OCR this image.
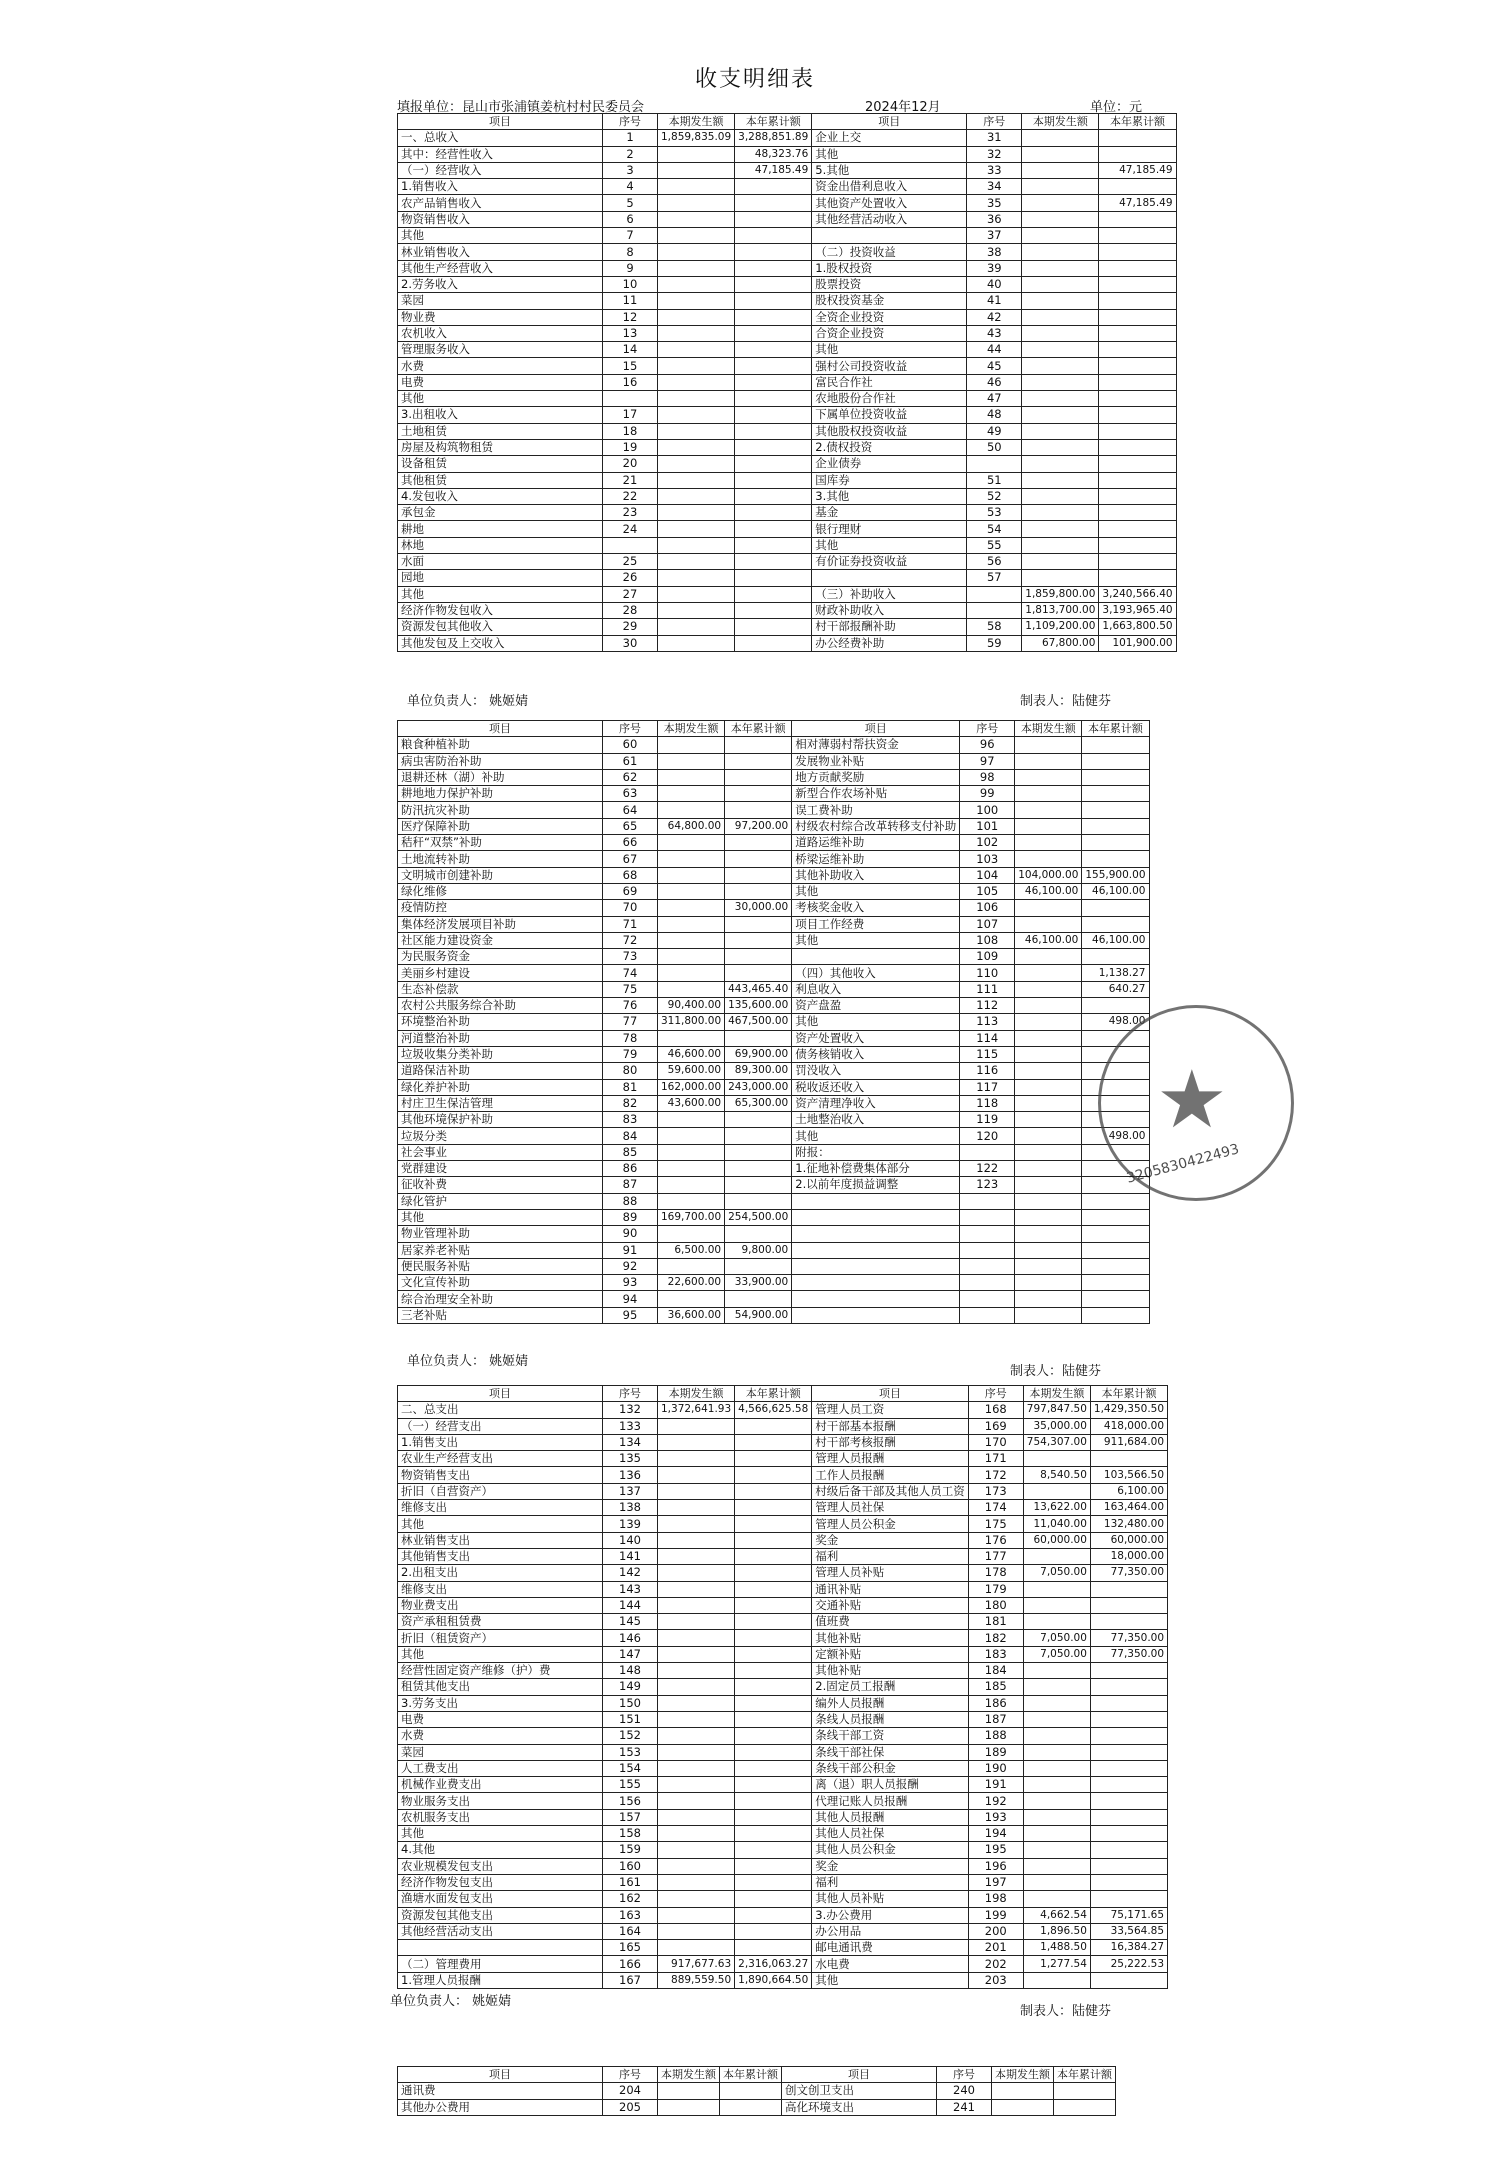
收支明细表
填报单位：昆山市张浦镇姜杭村村民委员会	2024年12月	单位：元
项目	序号	本期发生额	本年累计额	项目	序号	本期发生额	本年累计额
一、总收入	1	1,859,835.09	3,288,851.89	企业上交	31		
其中：经营性收入	2		48,323.76	其他	32		
（一）经营收入	3		47,185.49	5.其他	33		47,185.49
1.销售收入	4			资金出借利息收入	34		
农产品销售收入	5			其他资产处置收入	35		47,185.49
物资销售收入	6			其他经营活动收入	36		
其他	7				37		
林业销售收入	8			（二）投资收益	38		
其他生产经营收入	9			1.股权投资	39		
2.劳务收入	10			股票投资	40		
菜园	11			股权投资基金	41		
物业费	12			全资企业投资	42		
农机收入	13			合资企业投资	43		
管理服务收入	14			其他	44		
水费	15			强村公司投资收益	45		
电费	16			富民合作社	46		
其他				农地股份合作社	47		
3.出租收入	17			下属单位投资收益	48		
土地租赁	18			其他股权投资收益	49		
房屋及构筑物租赁	19			2.债权投资	50		
设备租赁	20			企业债券			
其他租赁	21			国库券	51		
4.发包收入	22			3.其他	52		
承包金	23			基金	53		
耕地	24			银行理财	54		
林地				其他	55		
水面	25			有价证券投资收益	56		
园地	26				57		
其他	27			（三）补助收入		1,859,800.00	3,240,566.40
经济作物发包收入	28			财政补助收入		1,813,700.00	3,193,965.40
资源发包其他收入	29			村干部报酬补助	58	1,109,200.00	1,663,800.50
其他发包及上交收入	30			办公经费补助	59	67,800.00	101,900.00
单位负责人： 姚姬婧	制表人：陆健芬
项目	序号	本期发生额	本年累计额	项目	序号	本期发生额	本年累计额
粮食种植补助	60			相对薄弱村帮扶资金	96		
病虫害防治补助	61			发展物业补贴	97		
退耕还林（湖）补助	62			地方贡献奖励	98		
耕地地力保护补助	63			新型合作农场补贴	99		
防汛抗灾补助	64			误工费补助	100		
医疗保障补助	65	64,800.00	97,200.00	村级农村综合改革转移支付补助	101		
秸秆“双禁”补助	66			道路运维补助	102		
土地流转补助	67			桥梁运维补助	103		
文明城市创建补助	68			其他补助收入	104	104,000.00	155,900.00
绿化维修	69			其他	105	46,100.00	46,100.00
疫情防控	70		30,000.00	考核奖金收入	106		
集体经济发展项目补助	71			项目工作经费	107		
社区能力建设资金	72			其他	108	46,100.00	46,100.00
为民服务资金	73				109		
美丽乡村建设	74			（四）其他收入	110		1,138.27
生态补偿款	75		443,465.40	利息收入	111		640.27
农村公共服务综合补助	76	90,400.00	135,600.00	资产盘盈	112		
环境整治补助	77	311,800.00	467,500.00	其他	113		498.00
河道整治补助	78			资产处置收入	114		
垃圾收集分类补助	79	46,600.00	69,900.00	债务核销收入	115		
道路保洁补助	80	59,600.00	89,300.00	罚没收入	116		
绿化养护补助	81	162,000.00	243,000.00	税收返还收入	117		
村庄卫生保洁管理	82	43,600.00	65,300.00	资产清理净收入	118		
其他环境保护补助	83			土地整治收入	119		
垃圾分类	84			其他	120		498.00
社会事业	85			附报：			
党群建设	86			1.征地补偿费集体部分	122		
征收补费	87			2.以前年度损益调整	123		
绿化管护	88						
其他	89	169,700.00	254,500.00				
物业管理补助	90						
居家养老补贴	91	6,500.00	9,800.00				
便民服务补贴	92						
文化宣传补助	93	22,600.00	33,900.00				
综合治理安全补助	94						
三老补贴	95	36,600.00	54,900.00				
单位负责人： 姚姬婧
制表人：陆健芬
项目	序号	本期发生额	本年累计额	项目	序号	本期发生额	本年累计额
二、总支出	132	1,372,641.93	4,566,625.58	管理人员工资	168	797,847.50	1,429,350.50
（一）经营支出	133			村干部基本报酬	169	35,000.00	418,000.00
1.销售支出	134			村干部考核报酬	170	754,307.00	911,684.00
农业生产经营支出	135			管理人员报酬	171		
物资销售支出	136			工作人员报酬	172	8,540.50	103,566.50
折旧（自营资产）	137			村级后备干部及其他人员工资	173		6,100.00
维修支出	138			管理人员社保	174	13,622.00	163,464.00
其他	139			管理人员公积金	175	11,040.00	132,480.00
林业销售支出	140			奖金	176	60,000.00	60,000.00
其他销售支出	141			福利	177		18,000.00
2.出租支出	142			管理人员补贴	178	7,050.00	77,350.00
维修支出	143			通讯补贴	179		
物业费支出	144			交通补贴	180		
资产承租租赁费	145			值班费	181		
折旧（租赁资产）	146			其他补贴	182	7,050.00	77,350.00
其他	147			定额补贴	183	7,050.00	77,350.00
经营性固定资产维修（护）费	148			其他补贴	184		
租赁其他支出	149			2.固定员工报酬	185		
3.劳务支出	150			编外人员报酬	186		
电费	151			条线人员报酬	187		
水费	152			条线干部工资	188		
菜园	153			条线干部社保	189		
人工费支出	154			条线干部公积金	190		
机械作业费支出	155			离（退）职人员报酬	191		
物业服务支出	156			代理记账人员报酬	192		
农机服务支出	157			其他人员报酬	193		
其他	158			其他人员社保	194		
4.其他	159			其他人员公积金	195		
农业规模发包支出	160			奖金	196		
经济作物发包支出	161			福利	197		
渔塘水面发包支出	162			其他人员补贴	198		
资源发包其他支出	163			3.办公费用	199	4,662.54	75,171.65
其他经营活动支出	164			办公用品	200	1,896.50	33,564.85
	165			邮电通讯费	201	1,488.50	16,384.27
（二）管理费用	166	917,677.63	2,316,063.27	水电费	202	1,277.54	25,222.53
1.管理人员报酬	167	889,559.50	1,890,664.50	其他	203		
单位负责人： 姚姬婧
制表人：陆健芬
项目	序号	本期发生额	本年累计额	项目	序号	本期发生额	本年累计额
通讯费	204			创文创卫支出	240		
其他办公费用	205			高化环境支出	241		
★
3205830422493
